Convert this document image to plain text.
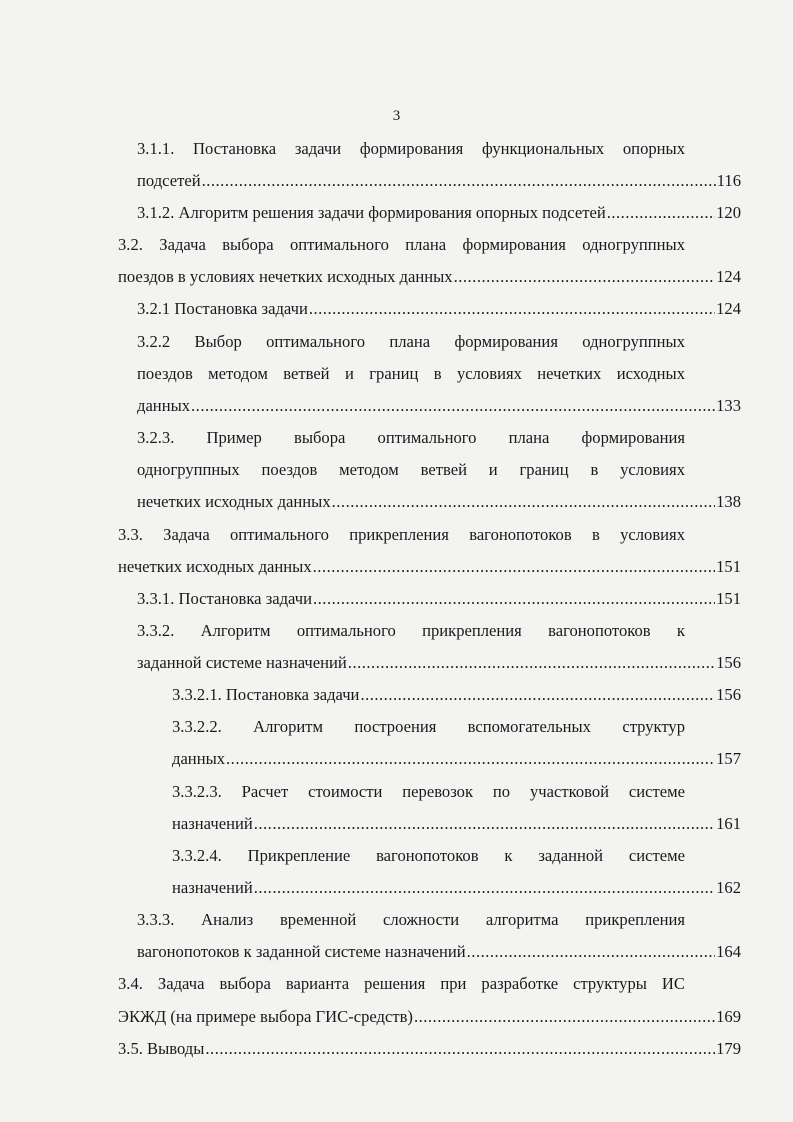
3
3.1.1. Постановка задачи формирования функциональных опорных
подсетей .....	116
3.1.2. Алгоритм решения задачи формирования опорных подсетей .....	120
3.2. Задача выбора оптимального плана формирования одногруппных
поездов в условиях нечетких исходных данных .....	124
3.2.1 Постановка задачи .....	124
3.2.2 Выбор оптимального плана формирования одногруппных
поездов методом ветвей и границ в условиях нечетких исходных
данных .....	133
3.2.3. Пример выбора оптимального плана формирования
одногруппных поездов методом ветвей и границ в условиях
нечетких исходных данных .....	138
3.3. Задача оптимального прикрепления вагонопотоков в условиях
нечетких исходных данных .....	151
3.3.1. Постановка задачи .....	151
3.3.2. Алгоритм оптимального прикрепления вагонопотоков к
заданной системе назначений .....	156
3.3.2.1. Постановка задачи .....	156
3.3.2.2. Алгоритм построения вспомогательных структур
данных .....	157
3.3.2.3. Расчет стоимости перевозок по участковой системе
назначений .....	161
3.3.2.4. Прикрепление вагонопотоков к заданной системе
назначений .....	162
3.3.3. Анализ временной сложности алгоритма прикрепления
вагонопотоков к заданной системе назначений .....	164
3.4. Задача выбора варианта решения при разработке структуры ИС
ЭКЖД (на примере выбора ГИС-средств) .....	169
3.5. Выводы .....	179
